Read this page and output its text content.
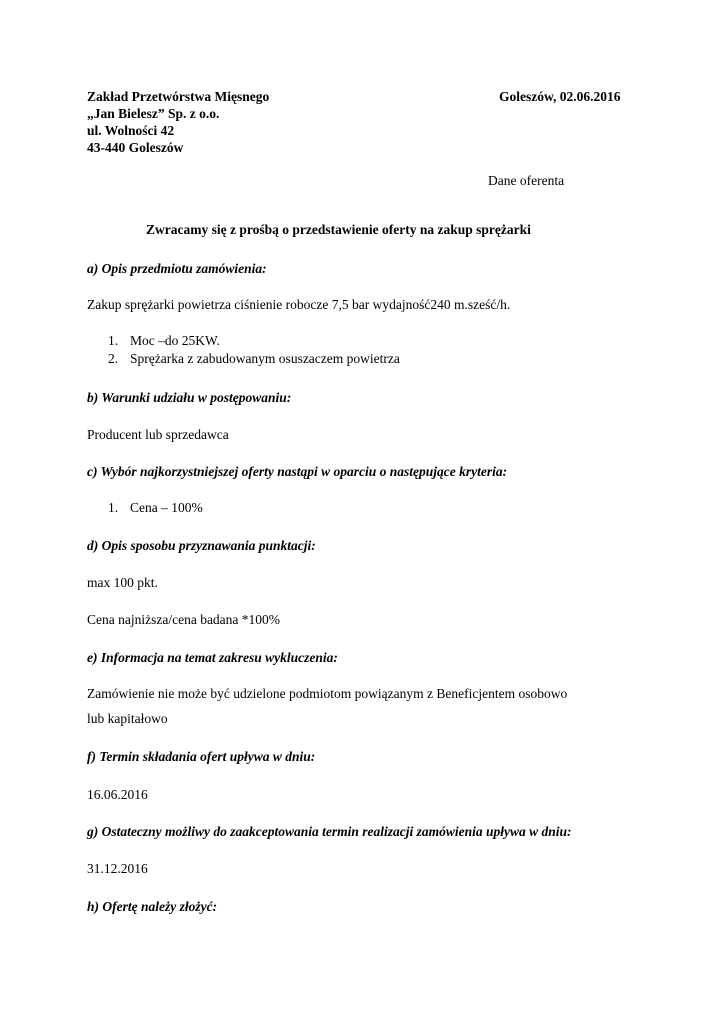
Zakład Przetwórstwa Mięsnego
„Jan Bielesz” Sp. z o.o.
ul. Wolności 42
43-440 Goleszów
Goleszów, 02.06.2016
Dane oferenta
Zwracamy się z prośbą o przedstawienie oferty na zakup sprężarki
a) Opis przedmiotu zamówienia:
Zakup sprężarki powietrza ciśnienie robocze 7,5 bar wydajność240 m.sześć/h.
1. Moc –do 25KW.
2. Sprężarka z zabudowanym osuszaczem powietrza
b) Warunki udziału w postępowaniu:
Producent lub sprzedawca
c) Wybór najkorzystniejszej oferty nastąpi w oparciu o następujące kryteria:
1. Cena – 100%
d) Opis sposobu przyznawania punktacji:
max 100 pkt.
Cena najniższa/cena badana *100%
e) Informacja na temat zakresu wykluczenia:
Zamówienie nie może być udzielone podmiotom powiązanym z Beneficjentem osobowo
lub kapitałowo
f) Termin składania ofert upływa w dniu:
16.06.2016
g) Ostateczny możliwy do zaakceptowania termin realizacji zamówienia upływa w dniu:
31.12.2016
h) Ofertę należy złożyć:
